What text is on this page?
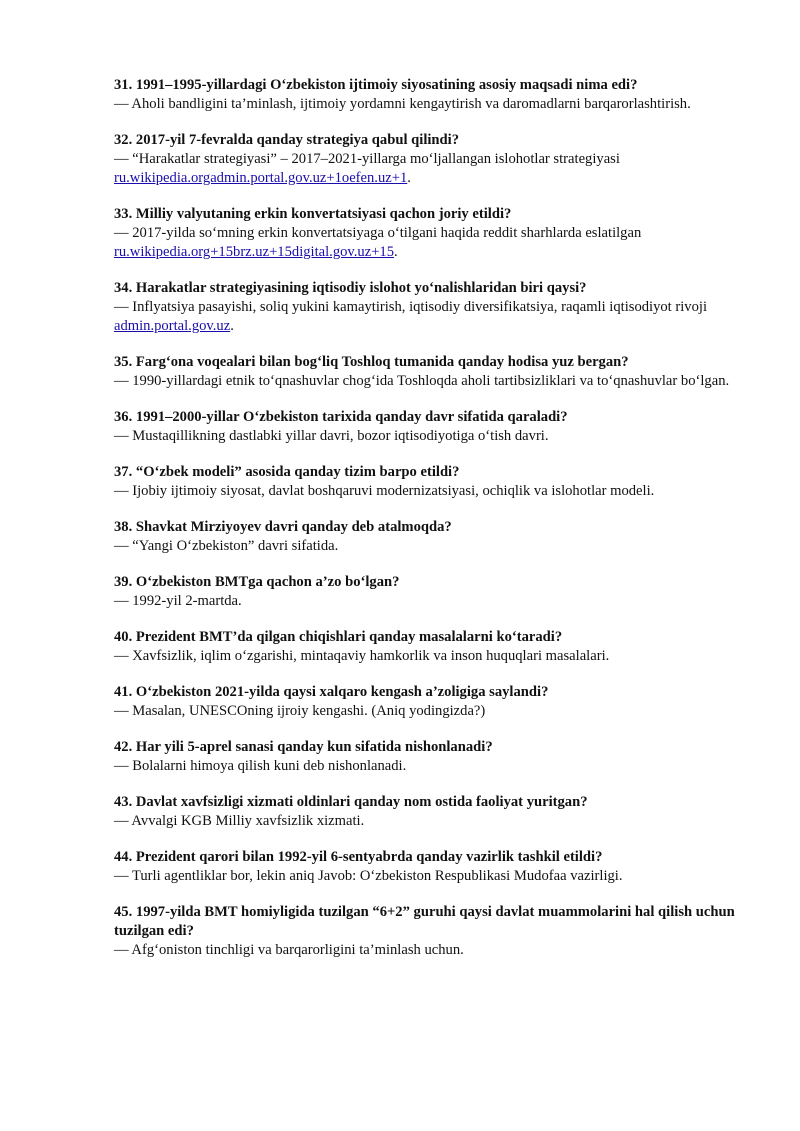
31. 1991–1995-yillardagi O‘zbekiston ijtimoiy siyosatining asosiy maqsadi nima edi?

— Aholi bandligini ta’minlash, ijtimoiy yordamni kengaytirish va daromadlarni barqarorlashtirish.

32. 2017-yil 7-fevralda qanday strategiya qabul qilindi?

— “Harakatlar strategiyasi” – 2017–2021-yillarga mo‘ljallangan islohotlar strategiyasi ru.wikipedia.orgadmin.portal.gov.uz+1oefen.uz+1.

33. Milliy valyutaning erkin konvertatsiyasi qachon joriy etildi?

— 2017-yilda so‘mning erkin konvertatsiyaga o‘tilgani haqida reddit sharhlarda eslatilgan ru.wikipedia.org+15brz.uz+15digital.gov.uz+15.

34. Harakatlar strategiyasining iqtisodiy islohot yo‘nalishlaridan biri qaysi?

— Inflyatsiya pasayishi, soliq yukini kamaytirish, iqtisodiy diversifikatsiya, raqamli iqtisodiyot rivoji admin.portal.gov.uz.

35. Farg‘ona voqealari bilan bog‘liq Toshloq tumanida qanday hodisa yuz bergan?

— 1990-yillardagi etnik to‘qnashuvlar chog‘ida Toshloqda aholi tartibsizliklari va to‘qnashuvlar bo‘lgan.

36. 1991–2000-yillar O‘zbekiston tarixida qanday davr sifatida qaraladi?

— Mustaqillikning dastlabki yillar davri, bozor iqtisodiyotiga o‘tish davri.

37. “O‘zbek modeli” asosida qanday tizim barpo etildi?

— Ijobiy ijtimoiy siyosat, davlat boshqaruvi modernizatsiyasi, ochiqlik va islohotlar modeli.

38. Shavkat Mirziyoyev davri qanday deb atalmoqda?

— “Yangi O‘zbekiston” davri sifatida.

39. O‘zbekiston BMTga qachon a’zo bo‘lgan?

— 1992-yil 2-martda.

40. Prezident BMT’da qilgan chiqishlari qanday masalalarni ko‘taradi?

— Xavfsizlik, iqlim o‘zgarishi, mintaqaviy hamkorlik va inson huquqlari masalalari.

41. O‘zbekiston 2021-yilda qaysi xalqaro kengash a’zoligiga saylandi?

— Masalan, UNESCOning ijroiy kengashi. (Aniq yodingizda?)

42. Har yili 5-aprel sanasi qanday kun sifatida nishonlanadi?

— Bolalarni himoya qilish kuni deb nishonlanadi.

43. Davlat xavfsizligi xizmati oldinlari qanday nom ostida faoliyat yuritgan?

— Avvalgi KGB Milliy xavfsizlik xizmati.

44. Prezident qarori bilan 1992-yil 6-sentyabrda qanday vazirlik tashkil etildi?

— Turli agentliklar bor, lekin aniq Javob: O‘zbekiston Respublikasi Mudofaa vazirligi.

45. 1997-yilda BMT homiyligida tuzilgan “6+2” guruhi qaysi davlat muammolarini hal qilish uchun tuzilgan edi?

— Afg‘oniston tinchligi va barqarorligini ta’minlash uchun.
